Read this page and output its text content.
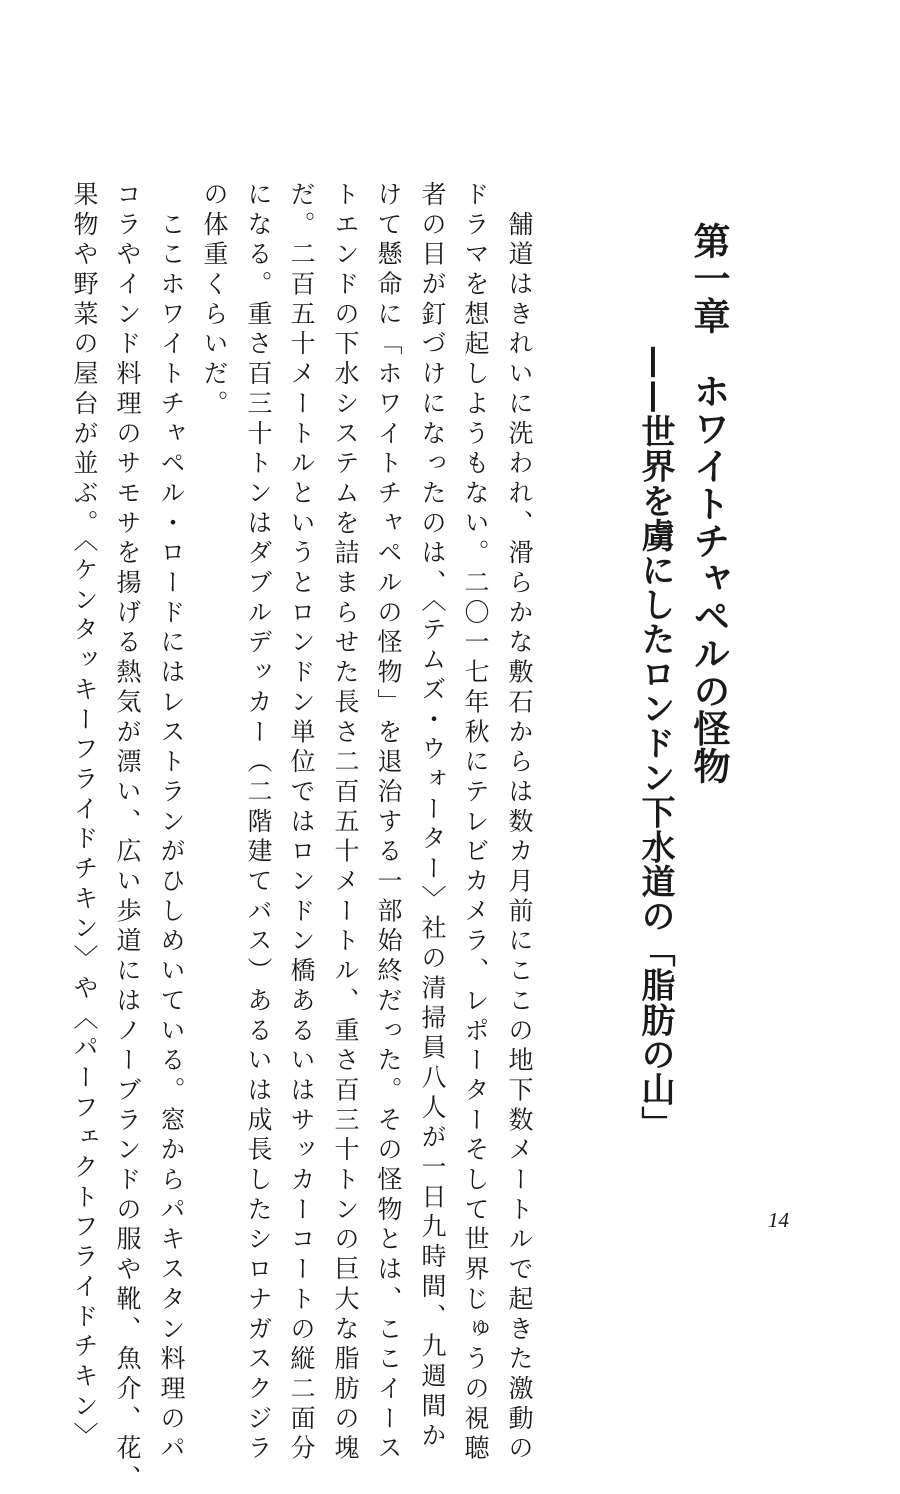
第一章　ホワイトチャペルの怪物
——世界を虜にしたロンドン下水道の「脂肪の山」

　舗道はきれいに洗われ、滑らかな敷石からは数カ月前にここの地下数メートルで起きた激動の

ドラマを想起しようもない。二〇一七年秋にテレビカメラ、レポーターそして世界じゅうの視聴

者の目が釘づけになったのは、〈テムズ・ウォーター〉社の清掃員八人が一日九時間、九週間か

けて懸命に「ホワイトチャペルの怪物」を退治する一部始終だった。その怪物とは、ここイース

トエンドの下水システムを詰まらせた長さ二百五十メートル、重さ百三十トンの巨大な脂肪の塊

だ。二百五十メートルというとロンドン単位ではロンドン橋あるいはサッカーコートの縦二面分

になる。重さ百三十トンはダブルデッカー（二階建てバス）あるいは成長したシロナガスクジラ

の体重くらいだ。

　ここホワイトチャペル・ロードにはレストランがひしめいている。窓からパキスタン料理のパ

コラやインド料理のサモサを揚げる熱気が漂い、広い歩道にはノーブランドの服や靴、魚介、花、

果物や野菜の屋台が並ぶ。〈ケンタッキーフライドチキン〉や〈パーフェクトフライドチキン〉	14
